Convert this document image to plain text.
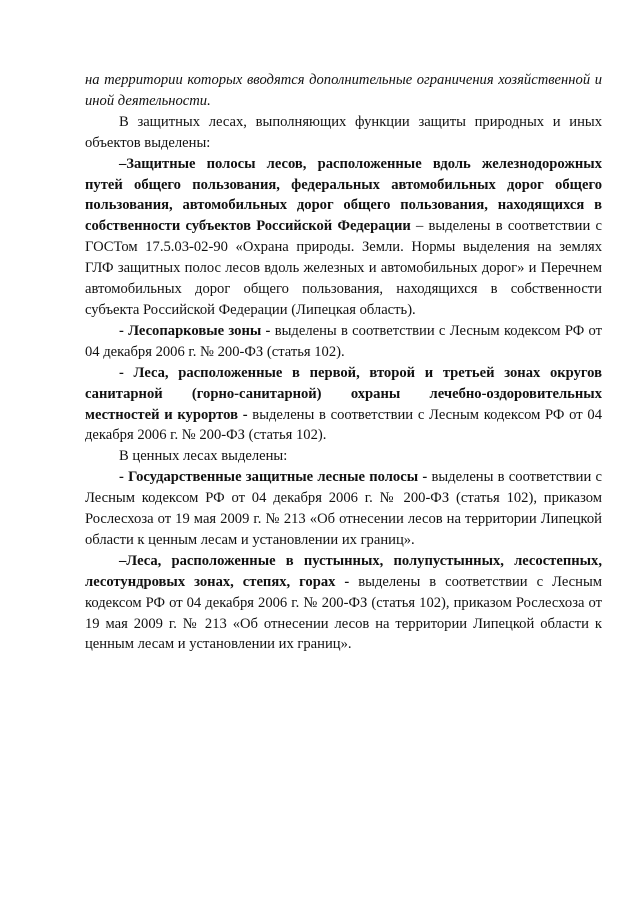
на территории которых вводятся дополнительные ограничения хозяйственной и иной деятельности.

В защитных лесах, выполняющих функции защиты природных и иных объектов выделены:

–Защитные полосы лесов, расположенные вдоль железнодорожных путей общего пользования, федеральных автомобильных дорог общего пользования, автомобильных дорог общего пользования, находящихся в собственности субъектов Российской Федерации – выделены в соответствии с ГОСТом 17.5.03-02-90 «Охрана природы. Земли. Нормы выделения на землях ГЛФ защитных полос лесов вдоль железных и автомобильных дорог» и Перечнем автомобильных дорог общего пользования, находящихся в собственности субъекта Российской Федерации (Липецкая область).

- Лесопарковые зоны - выделены в соответствии с Лесным кодексом РФ от 04 декабря 2006 г. № 200-ФЗ (статья 102).

- Леса, расположенные в первой, второй и третьей зонах округов санитарной (горно-санитарной) охраны лечебно-оздоровительных местностей и курортов - выделены в соответствии с Лесным кодексом РФ от 04 декабря 2006 г. № 200-ФЗ (статья 102).

В ценных лесах выделены:

- Государственные защитные лесные полосы - выделены в соответствии с Лесным кодексом РФ от 04 декабря 2006 г. № 200-ФЗ (статья 102), приказом Рослесхоза от 19 мая 2009 г. № 213 «Об отнесении лесов на территории Липецкой области к ценным лесам и установлении их границ».

–Леса, расположенные в пустынных, полупустынных, лесостепных, лесотундровых зонах, степях, горах - выделены в соответствии с Лесным кодексом РФ от 04 декабря 2006 г. № 200-ФЗ (статья 102), приказом Рослесхоза от 19 мая 2009 г. № 213 «Об отнесении лесов на территории Липецкой области к ценным лесам и установлении их границ».
